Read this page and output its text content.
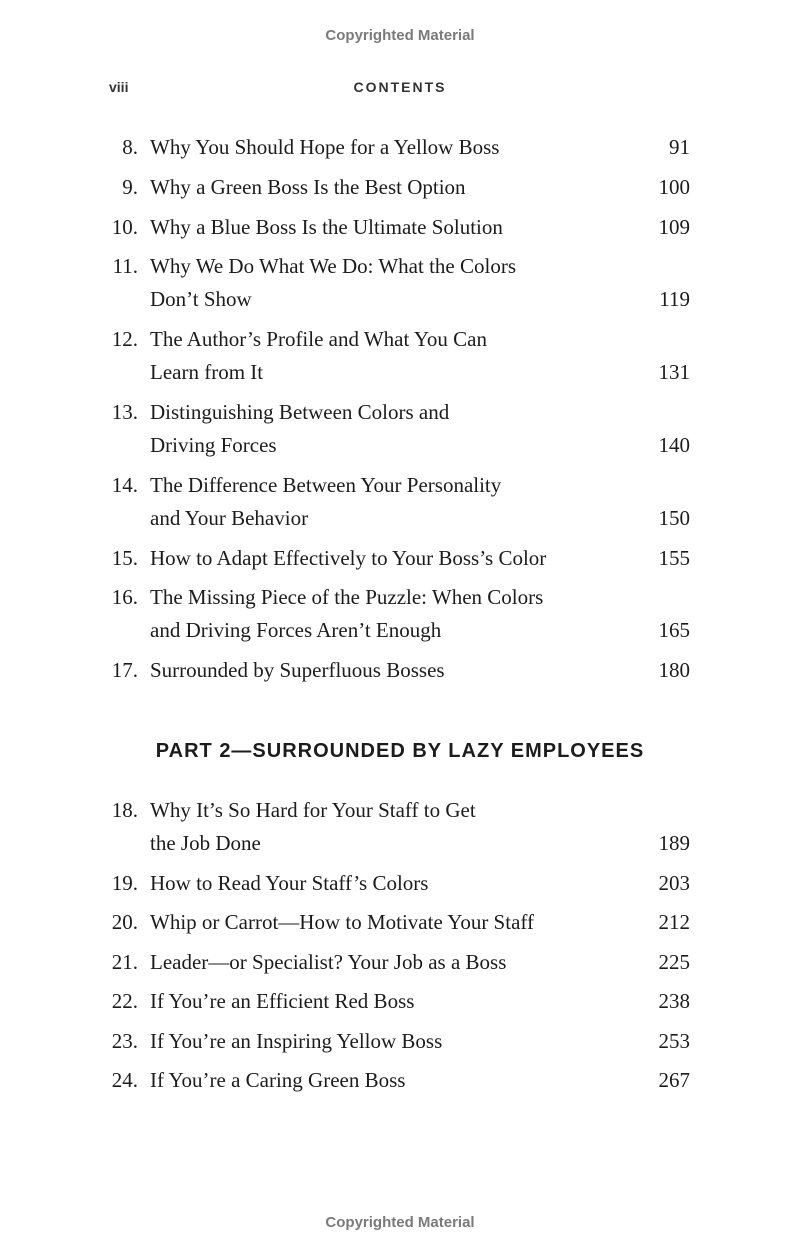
Copyrighted Material
viii	CONTENTS
8. Why You Should Hope for a Yellow Boss	91
9. Why a Green Boss Is the Best Option	100
10. Why a Blue Boss Is the Ultimate Solution	109
11. Why We Do What We Do: What the Colors
Don’t Show	119
12. The Author’s Profile and What You Can
Learn from It	131
13. Distinguishing Between Colors and
Driving Forces	140
14. The Difference Between Your Personality
and Your Behavior	150
15. How to Adapt Effectively to Your Boss’s Color	155
16. The Missing Piece of the Puzzle: When Colors
and Driving Forces Aren’t Enough	165
17. Surrounded by Superfluous Bosses	180
18. Why It’s So Hard for Your Staff to Get
the Job Done	189
19. How to Read Your Staff’s Colors	203
20. Whip or Carrot—How to Motivate Your Staff	212
21. Leader—or Specialist? Your Job as a Boss	225
22. If You’re an Efficient Red Boss	238
23. If You’re an Inspiring Yellow Boss	253
24. If You’re a Caring Green Boss	267
PART 2—SURROUNDED BY LAZY EMPLOYEES
Copyrighted Material
